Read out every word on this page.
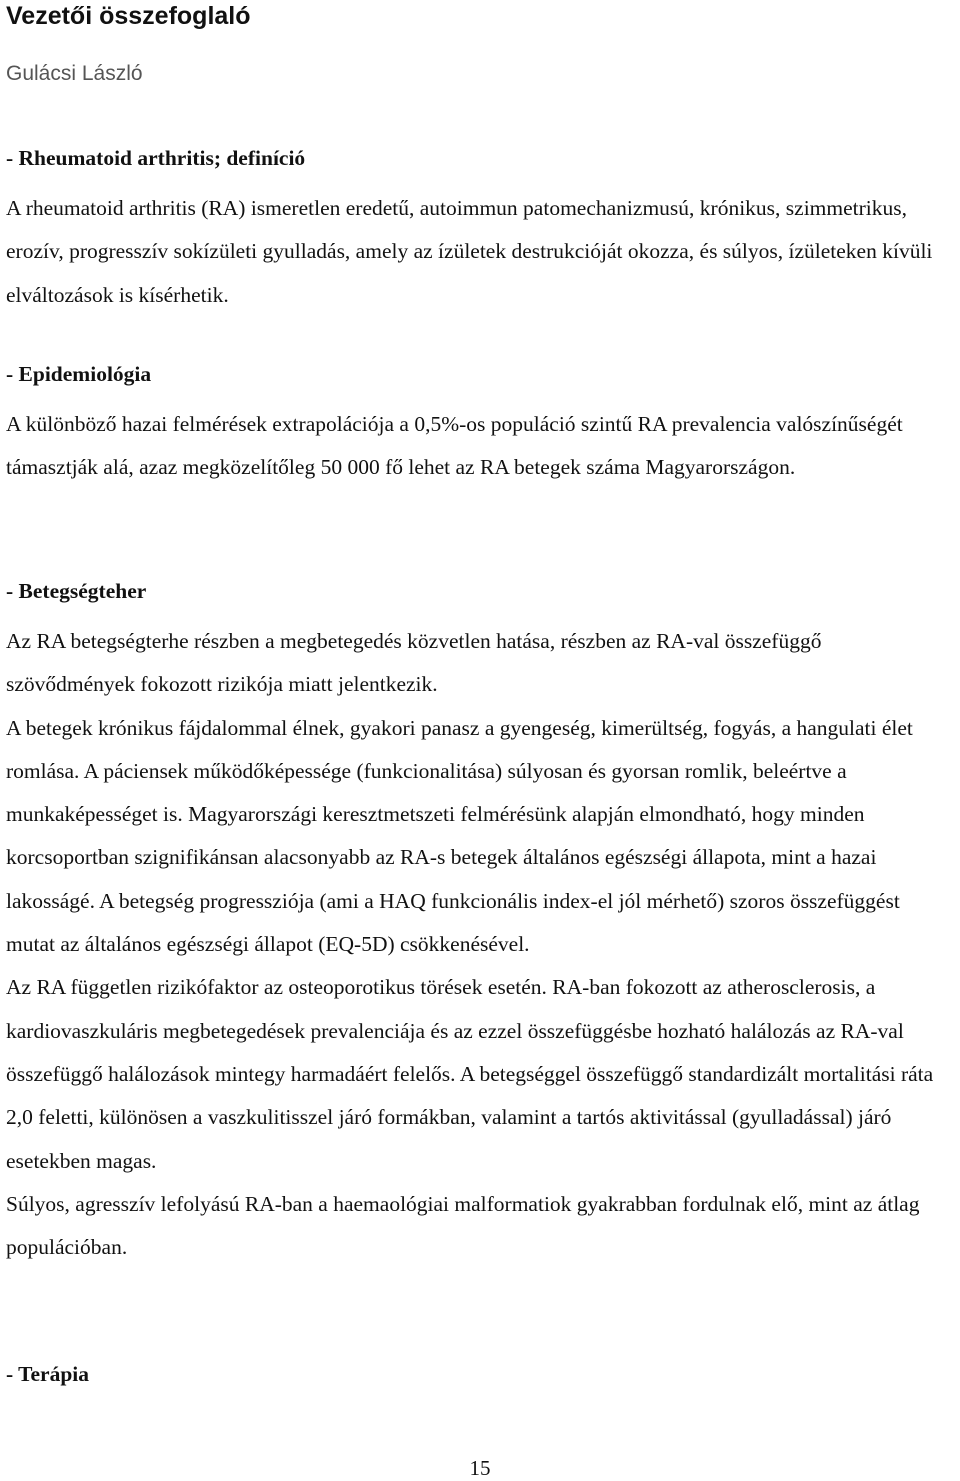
Vezetői összefoglaló

Gulácsi László

- Rheumatoid arthritis; definíció

A rheumatoid arthritis (RA) ismeretlen eredetű, autoimmun patomechanizmusú, krónikus, szimmetrikus, erozív, progresszív sokízületi gyulladás, amely az ízületek destrukcióját okozza, és súlyos, ízületeken kívüli elváltozások is kísérhetik.

- Epidemiológia

A különböző hazai felmérések extrapolációja a 0,5%-os populáció szintű RA prevalencia valószínűségét támasztják alá, azaz megközelítőleg 50 000 fő lehet az RA betegek száma Magyarországon.

- Betegségteher

Az RA betegségterhe részben a megbetegedés közvetlen hatása, részben az RA-val összefüggő szövődmények fokozott rizikója miatt jelentkezik.

A betegek krónikus fájdalommal élnek, gyakori panasz a gyengeség, kimerültség, fogyás, a hangulati élet romlása. A páciensek működőképessége (funkcionalitása) súlyosan és gyorsan romlik, beleértve a munkaképességet is. Magyarországi keresztmetszeti felmérésünk alapján elmondható, hogy minden korcsoportban szignifikánsan alacsonyabb az RA-s betegek általános egészségi állapota, mint a hazai lakosságé. A betegség progressziója (ami a HAQ funkcionális index-el jól mérhető) szoros összefüggést mutat az általános egészségi állapot (EQ-5D) csökkenésével.

Az RA független rizikófaktor az osteoporotikus törések esetén. RA-ban fokozott az atherosclerosis, a kardiovaszkuláris megbetegedések prevalenciája és az ezzel összefüggésbe hozható halálozás az RA-val összefüggő halálozások mintegy harmadáért felelős. A betegséggel összefüggő standardizált mortalitási ráta 2,0 feletti, különösen a vaszkulitisszel járó formákban, valamint a tartós aktivitással (gyulladással) járó esetekben magas.

Súlyos, agresszív lefolyású RA-ban a haemaológiai malformatiok gyakrabban fordulnak elő, mint az átlag populációban.

- Terápia
15
